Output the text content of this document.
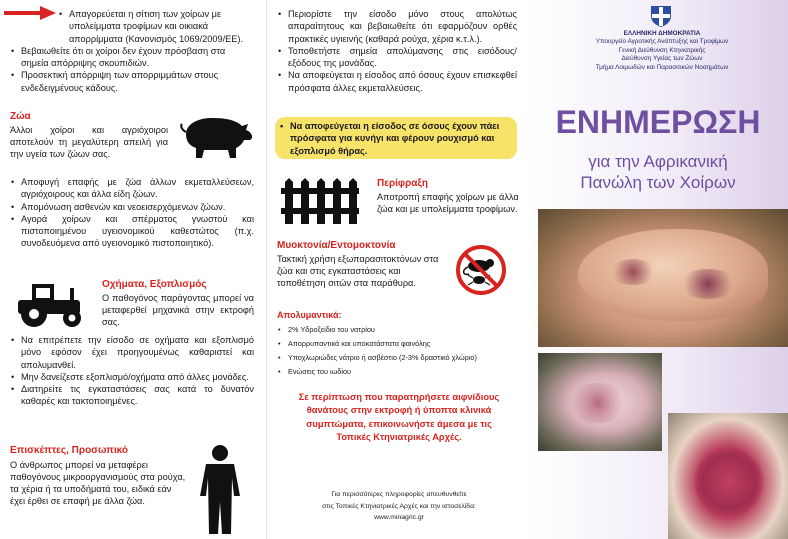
• Απαγορεύεται η σίτιση των χοίρων με υπολείμματα τροφίμων και οικιακά απορρίμματα (Κανονισμός 1069/2009/ΕΕ).
• Βεβαιωθείτε ότι οι χοίροι δεν έχουν πρόσβαση στα σημεία απόρριψης σκουπιδιών.
• Προσεκτική απόρριψη των απορριμμάτων στους ενδεδειγμένους κάδους.
Ζώα
Άλλοι χοίροι και αγριόχοιροι αποτελούν τη μεγαλύτερη απειλή για την υγεία των ζώων σας.
• Αποφυγή επαφής με ζώα άλλων εκμεταλλεύσεων, αγριόχοιρους και άλλα είδη ζώων.
• Απομόνωση ασθενών και νεοεισερχόμενων ζώων.
• Αγορά χοίρων και σπέρματος γνωστού και πιστοποιημένου υγειονομικού καθεστώτος (π.χ. συνοδευόμενα από υγειονομικό πιστοποιητικό).
Οχήματα, Εξοπλισμός
Ο παθογόνος παράγοντας μπορεί να μεταφερθεί μηχανικά στην εκτροφή σας.
• Να επιτρέπετε την είσοδο σε οχήματα και εξοπλισμό μόνο εφόσον έχει προηγουμένως καθαριστεί και απολυμανθεί.
• Μην δανείζεστε εξοπλισμό/οχήματα από άλλες μονάδες.
• Διατηρείτε τις εγκαταστάσεις σας κατά το δυνατόν καθαρές και τακτοποιημένες.
Επισκέπτες, Προσωπικό
Ο άνθρωπος μπορεί να μεταφέρει παθογόνους μικροοργανισμούς στα ρούχα, τα χέρια ή τα υποδήματά του, ειδικά εάν έχει έρθει σε επαφή με άλλα ζώα.
• Περιορίστε την είσοδο μόνο στους απολύτως απαραίτητους και βεβαιωθείτε ότι εφαρμόζουν ορθές πρακτικές υγιεινής (καθαρά ρούχα, χέρια κ.τ.λ.).
• Τοποθετήστε σημεία απολύμανσης στις εισόδους/εξόδους της μονάδας.
• Να αποφεύγεται η είσοδος από όσους έχουν επισκεφθεί πρόσφατα άλλες εκμεταλλεύσεις.
• Να αποφεύγεται η είσοδος σε όσους έχουν πάει πρόσφατα για κυνήγι και φέρουν ρουχισμό και εξοπλισμό θήρας.
Περίφραξη
Αποτροπή επαφής χοίρων με άλλα ζώα και με υπολείμματα τροφίμων.
Μυοκτονία/Εντομοκτονία
Τακτική χρήση εξωπαρασιτοκτόνων στα ζώα και στις εγκαταστάσεις και τοποθέτηση σιτών στα παράθυρα.
Απολυμαντικά:
• 2% Υδροξείδιο του νατρίου
• Απορρυπαντικά και υποκατάστατα φαινόλης
• Υποχλωριώδες νάτριο ή ασβέστιο (2-3% δραστικό χλώριο)
• Ενώσεις του ιωδίου
Σε περίπτωση που παρατηρήσετε αιφνίδιους θανάτους στην εκτροφή ή ύποπτα κλινικά συμπτώματα, επικοινωνήστε άμεσα με τις Τοπικές Κτηνιατρικές Αρχές.
Για περισσότερες πληροφορίες απευθυνθείτε
στις Τοπικές Κτηνιατρικές Αρχές και την ιστοσελίδα:
www.minagric.gr
ΕΛΛΗΝΙΚΗ ΔΗΜΟΚΡΑΤΙΑ
Υπουργείο Αγροτικής Ανάπτυξης και Τροφίμων
Γενική Διεύθυνση Κτηνιατρικής
Διεύθυνση Υγείας των Ζώων
Τμήμα Λοιμωδών και Παρασιτικών Νοσημάτων
ΕΝΗΜΕΡΩΣΗ
για την Αφρικανική
Πανώλη των Χοίρων
